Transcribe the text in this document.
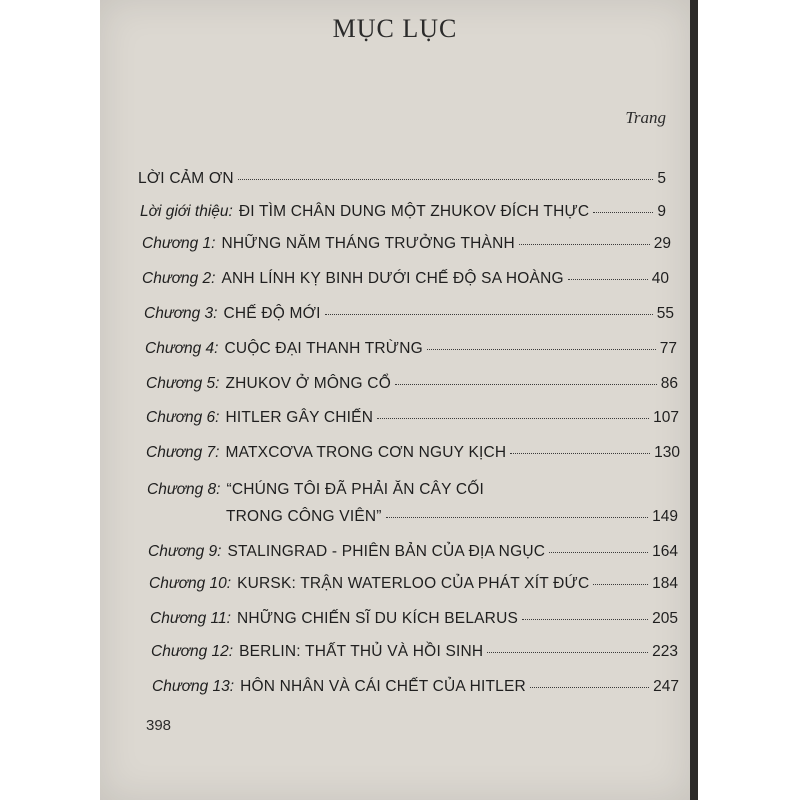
MỤC LỤC
Trang
LỜI CẢM ƠN	5
Lời giới thiệu: ĐI TÌM CHÂN DUNG MỘT ZHUKOV ĐÍCH THỰC	9
Chương 1: NHỮNG NĂM THÁNG TRƯỞNG THÀNH	29
Chương 2: ANH LÍNH KỴ BINH DƯỚI CHẾ ĐỘ SA HOÀNG	40
Chương 3: CHẾ ĐỘ MỚI	55
Chương 4: CUỘC ĐẠI THANH TRỪNG	77
Chương 5: ZHUKOV Ở MÔNG CỔ	86
Chương 6: HITLER GÂY CHIẾN	107
Chương 7: MATXCƠVA TRONG CƠN NGUY KỊCH	130
Chương 8: “CHÚNG TÔI ĐÃ PHẢI ĂN CÂY CỐI
TRONG CÔNG VIÊN”	149
Chương 9: STALINGRAD - PHIÊN BẢN CỦA ĐỊA NGỤC	164
Chương 10: KURSK: TRẬN WATERLOO CỦA PHÁT XÍT ĐỨC	184
Chương 11: NHỮNG CHIẾN SĨ DU KÍCH BELARUS	205
Chương 12: BERLIN: THẤT THỦ VÀ HỒI SINH	223
Chương 13: HÔN NHÂN VÀ CÁI CHẾT CỦA HITLER	247
398
